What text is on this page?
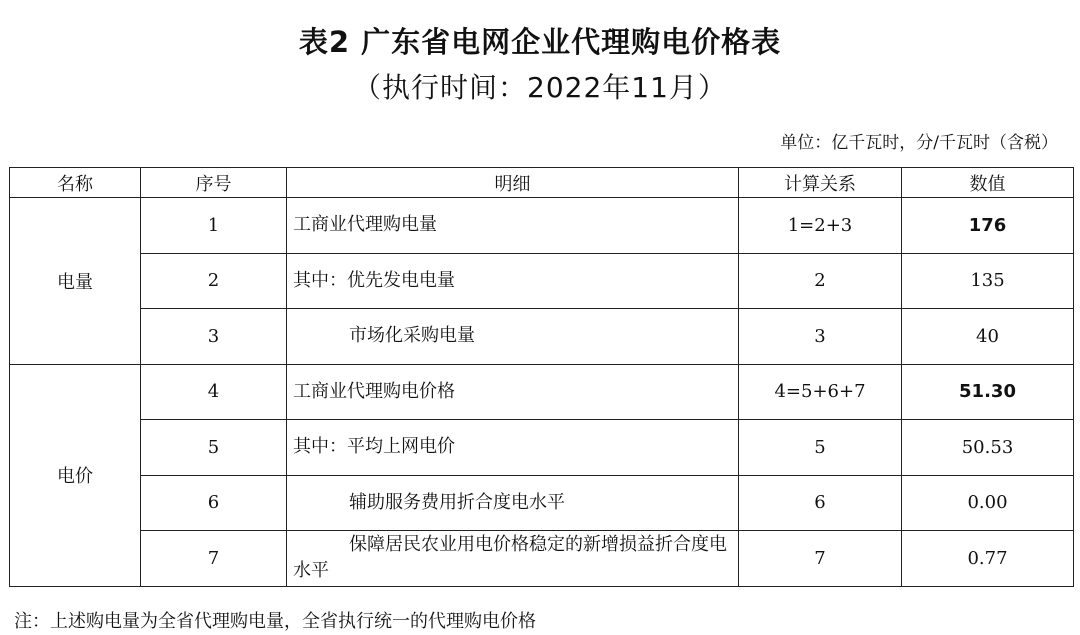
表2 广东省电网企业代理购电价格表
（执行时间：2022年11月）
单位：亿千瓦时，分/千瓦时（含税）
名称	序号	明细	计算关系	数值
电量	1	工商业代理购电量	1=2+3	176
	2	其中：优先发电电量	2	135
	3	市场化采购电量	3	40
电价	4	工商业代理购电价格	4=5+6+7	51.30
	5	其中：平均上网电价	5	50.53
	6	辅助服务费用折合度电水平	6	0.00
	7	保障居民农业用电价格稳定的新增损益折合度电水平	7	0.77
注：上述购电量为全省代理购电量，全省执行统一的代理购电价格
